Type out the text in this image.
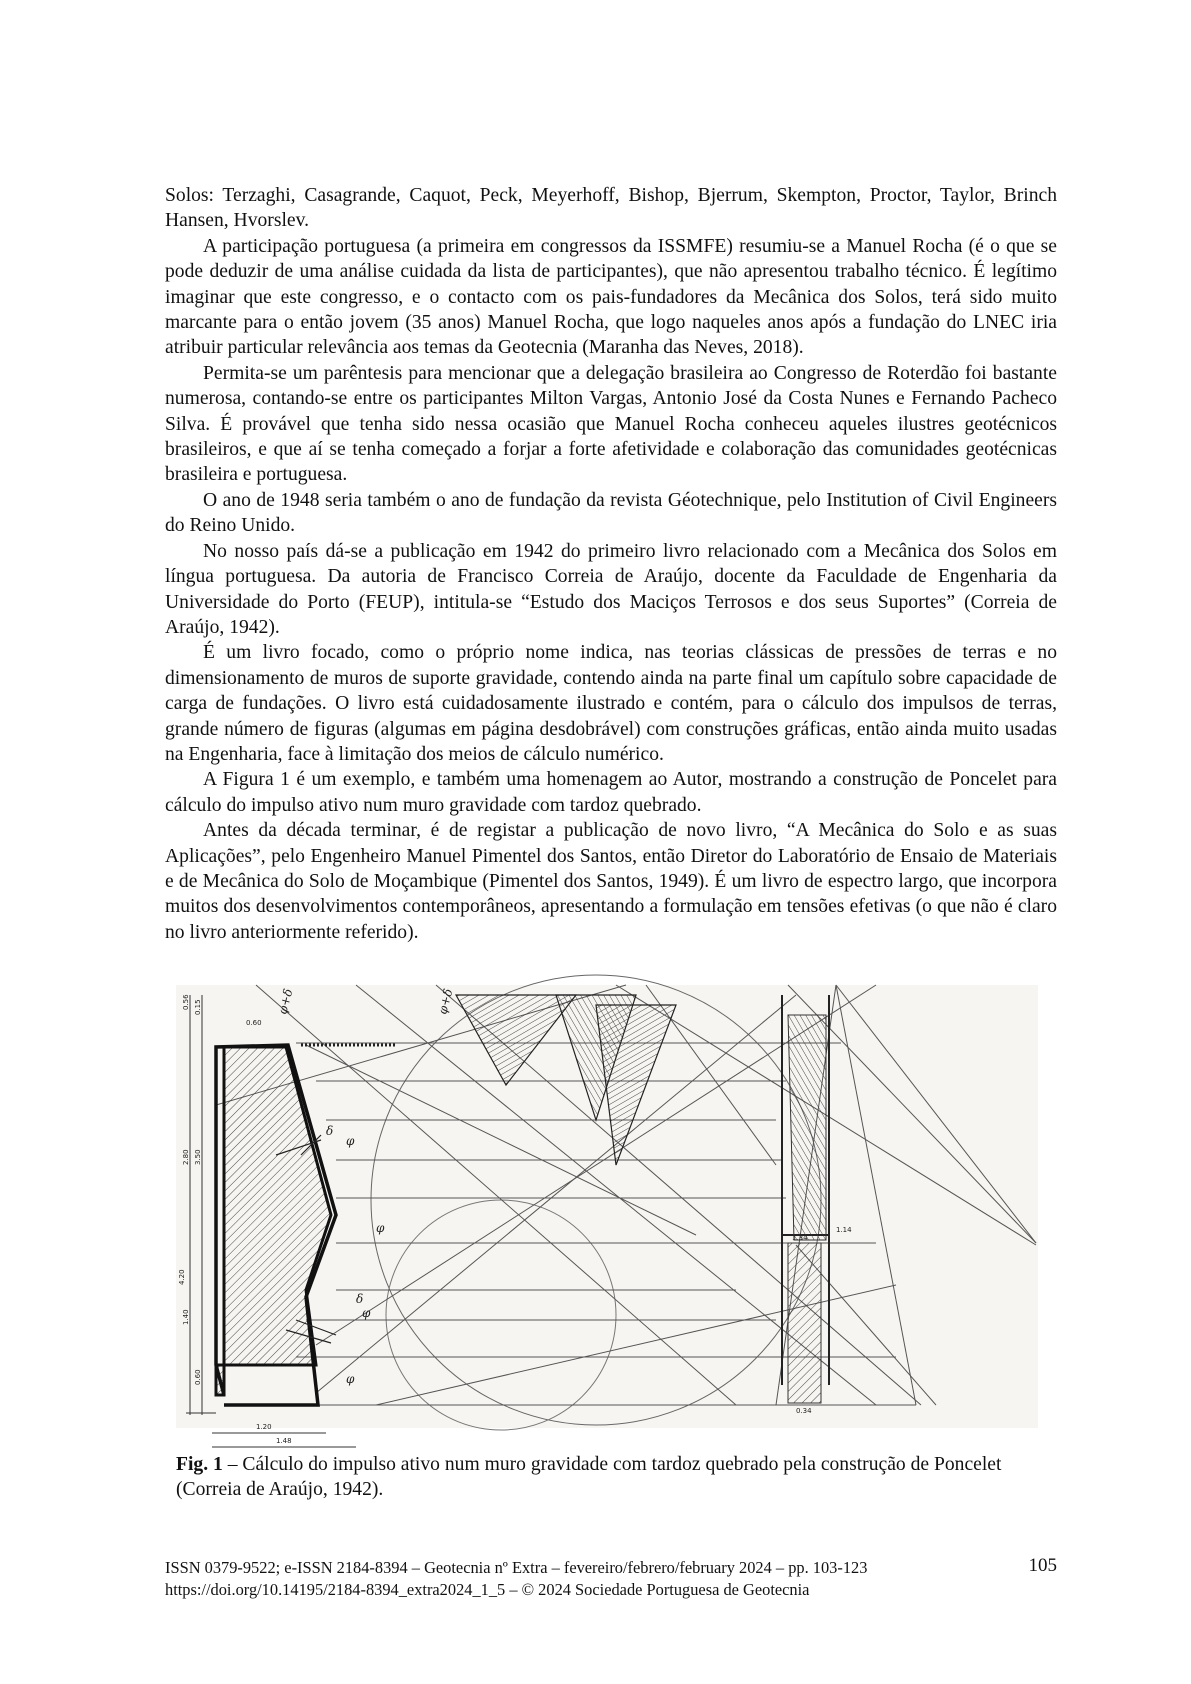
Solos: Terzaghi, Casagrande, Caquot, Peck, Meyerhoff, Bishop, Bjerrum, Skempton, Proctor, Taylor, Brinch Hansen, Hvorslev.

A participação portuguesa (a primeira em congressos da ISSMFE) resumiu-se a Manuel Rocha (é o que se pode deduzir de uma análise cuidada da lista de participantes), que não apresentou trabalho técnico. É legítimo imaginar que este congresso, e o contacto com os pais-fundadores da Mecânica dos Solos, terá sido muito marcante para o então jovem (35 anos) Manuel Rocha, que logo naqueles anos após a fundação do LNEC iria atribuir particular relevância aos temas da Geotecnia (Maranha das Neves, 2018).

Permita-se um parêntesis para mencionar que a delegação brasileira ao Congresso de Roterdão foi bastante numerosa, contando-se entre os participantes Milton Vargas, Antonio José da Costa Nunes e Fernando Pacheco Silva. É provável que tenha sido nessa ocasião que Manuel Rocha conheceu aqueles ilustres geotécnicos brasileiros, e que aí se tenha começado a forjar a forte afetividade e colaboração das comunidades geotécnicas brasileira e portuguesa.

O ano de 1948 seria também o ano de fundação da revista Géotechnique, pelo Institution of Civil Engineers do Reino Unido.

No nosso país dá-se a publicação em 1942 do primeiro livro relacionado com a Mecânica dos Solos em língua portuguesa. Da autoria de Francisco Correia de Araújo, docente da Faculdade de Engenharia da Universidade do Porto (FEUP), intitula-se “Estudo dos Maciços Terrosos e dos seus Suportes” (Correia de Araújo, 1942).

É um livro focado, como o próprio nome indica, nas teorias clássicas de pressões de terras e no dimensionamento de muros de suporte gravidade, contendo ainda na parte final um capítulo sobre capacidade de carga de fundações. O livro está cuidadosamente ilustrado e contém, para o cálculo dos impulsos de terras, grande número de figuras (algumas em página desdobrável) com construções gráficas, então ainda muito usadas na Engenharia, face à limitação dos meios de cálculo numérico.

A Figura 1 é um exemplo, e também uma homenagem ao Autor, mostrando a construção de Poncelet para cálculo do impulso ativo num muro gravidade com tardoz quebrado.

Antes da década terminar, é de registar a publicação de novo livro, “A Mecânica do Solo e as suas Aplicações”, pelo Engenheiro Manuel Pimentel dos Santos, então Diretor do Laboratório de Ensaio de Materiais e de Mecânica do Solo de Moçambique (Pimentel dos Santos, 1949). É um livro de espectro largo, que incorpora muitos dos desenvolvimentos contemporâneos, apresentando a formulação em tensões efetivas (o que não é claro no livro anteriormente referido).

0.56 0.15
0.60
2.80 3.50
4.20
1.40
0.60
1.20
1.48
1.34
1.14
0.34
φ+δ	φ+δ
δ
φ
φ
δ
φ
φ
Fig. 1 – Cálculo do impulso ativo num muro gravidade com tardoz quebrado pela construção de Poncelet (Correia de Araújo, 1942).
ISSN 0379-9522; e-ISSN 2184-8394 – Geotecnia nº Extra – fevereiro/febrero/february 2024 – pp. 103-123
https://doi.org/10.14195/2184-8394_extra2024_1_5 – © 2024 Sociedade Portuguesa de Geotecnia
105
